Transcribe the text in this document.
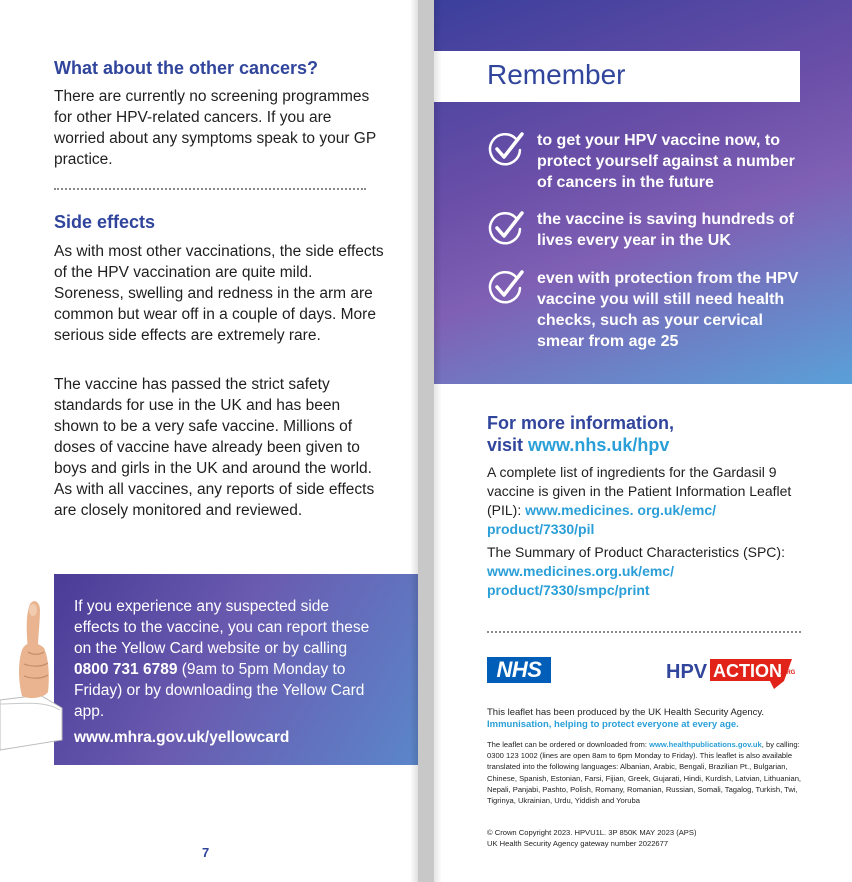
What about the other cancers?

There are currently no screening programmes for other HPV-related cancers. If you are worried about any symptoms speak to your GP practice.

Side effects

As with most other vaccinations, the side effects of the HPV vaccination are quite mild. Soreness, swelling and redness in the arm are common but wear off in a couple of days. More serious side effects are extremely rare.

The vaccine has passed the strict safety standards for use in the UK and has been shown to be a very safe vaccine. Millions of doses of vaccine have already been given to boys and girls in the UK and around the world. As with all vaccines, any reports of side effects are closely monitored and reviewed.

If you experience any suspected side effects to the vaccine, you can report these on the Yellow Card website or by calling 0800 731 6789 (9am to 5pm Monday to Friday) or by downloading the Yellow Card app.
www.mhra.gov.uk/yellowcard
7
Remember
to get your HPV vaccine now, to protect yourself against a number of cancers in the future
the vaccine is saving hundreds of lives every year in the UK
even with protection from the HPV vaccine you will still need health checks, such as your cervical smear from age 25
For more information,
visit www.nhs.uk/hpv

A complete list of ingredients for the Gardasil 9 vaccine is given in the Patient Information Leaflet (PIL): www.medicines. org.uk/emc/ product/7330/pil

The Summary of Product Characteristics (SPC): www.medicines.org.uk/emc/ product/7330/smpc/print

NHS	HPV ACTION
.ORG
This leaflet has been produced by the UK Health Security Agency.
Immunisation, helping to protect everyone at every age.
The leaflet can be ordered or downloaded from: www.healthpublications.gov.uk, by calling: 0300 123 1002 (lines are open 8am to 6pm Monday to Friday). This leaflet is also available translated into the following languages: Albanian, Arabic, Bengali, Brazilian Pt., Bulgarian, Chinese, Spanish, Estonian, Farsi, Fijian, Greek, Gujarati, Hindi, Kurdish, Latvian, Lithuanian, Nepali, Panjabi, Pashto, Polish, Romany, Romanian, Russian, Somali, Tagalog, Turkish, Twi, Tigrinya, Ukrainian, Urdu, Yiddish and Yoruba
© Crown Copyright 2023. HPVU1L. 3P 850K MAY 2023 (APS)
UK Health Security Agency gateway number 2022677
